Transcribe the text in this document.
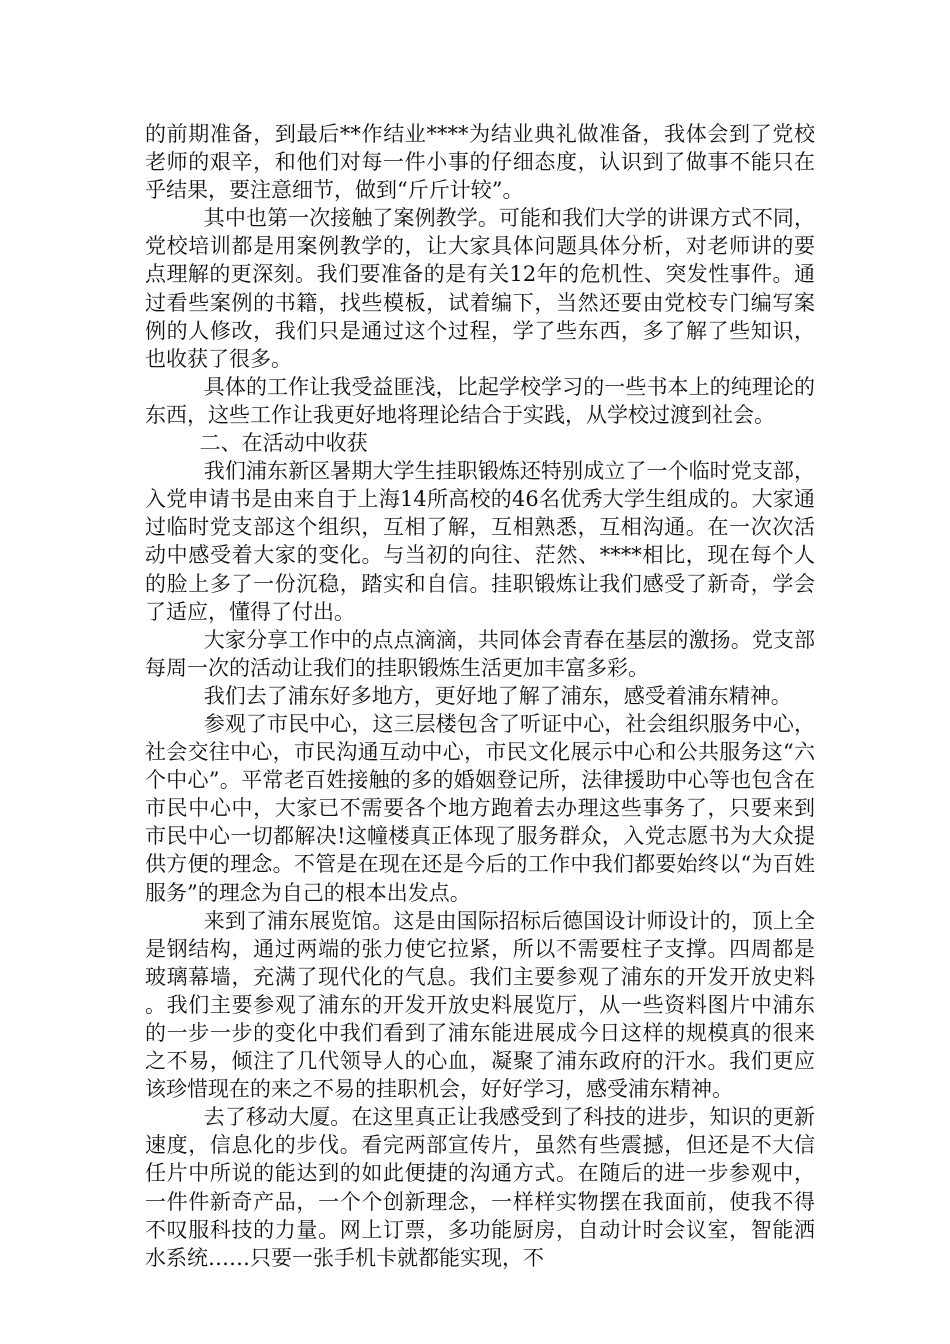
的前期准备，到最后**作结业****为结业典礼做准备，我体会到了党校老师的艰辛，和他们对每一件小事的仔细态度，认识到了做事不能只在乎结果，要注意细节，做到“斤斤计较”。

其中也第一次接触了案例教学。可能和我们大学的讲课方式不同，党校培训都是用案例教学的，让大家具体问题具体分析，对老师讲的要点理解的更深刻。我们要准备的是有关12年的危机性、突发性事件。通过看些案例的书籍，找些模板，试着编下，当然还要由党校专门编写案例的人修改，我们只是通过这个过程，学了些东西，多了解了些知识，也收获了很多。

具体的工作让我受益匪浅，比起学校学习的一些书本上的纯理论的东西，这些工作让我更好地将理论结合于实践，从学校过渡到社会。

二、在活动中收获

我们浦东新区暑期大学生挂职锻炼还特别成立了一个临时党支部，入党申请书是由来自于上海14所高校的46名优秀大学生组成的。大家通过临时党支部这个组织，互相了解，互相熟悉，互相沟通。在一次次活动中感受着大家的变化。与当初的向往、茫然、****相比，现在每个人的脸上多了一份沉稳，踏实和自信。挂职锻炼让我们感受了新奇，学会了适应，懂得了付出。

大家分享工作中的点点滴滴，共同体会青春在基层的激扬。党支部每周一次的活动让我们的挂职锻炼生活更加丰富多彩。

我们去了浦东好多地方，更好地了解了浦东，感受着浦东精神。

参观了市民中心，这三层楼包含了听证中心，社会组织服务中心，社会交往中心，市民沟通互动中心，市民文化展示中心和公共服务这“六个中心”。平常老百姓接触的多的婚姻登记所，法律援助中心等也包含在市民中心中，大家已不需要各个地方跑着去办理这些事务了，只要来到市民中心一切都解决!这幢楼真正体现了服务群众，入党志愿书为大众提供方便的理念。不管是在现在还是今后的工作中我们都要始终以“为百姓服务”的理念为自己的根本出发点。

来到了浦东展览馆。这是由国际招标后德国设计师设计的，顶上全是钢结构，通过两端的张力使它拉紧，所以不需要柱子支撑。四周都是玻璃幕墙，充满了现代化的气息。我们主要参观了浦东的开发开放史料。我们主要参观了浦东的开发开放史料展览厅，从一些资料图片中浦东的一步一步的变化中我们看到了浦东能进展成今日这样的规模真的很来之不易，倾注了几代领导人的心血，凝聚了浦东政府的汗水。我们更应该珍惜现在的来之不易的挂职机会，好好学习，感受浦东精神。

去了移动大厦。在这里真正让我感受到了科技的进步，知识的更新速度，信息化的步伐。看完两部宣传片，虽然有些震撼，但还是不大信任片中所说的能达到的如此便捷的沟通方式。在随后的进一步参观中，一件件新奇产品，一个个创新理念，一样样实物摆在我面前，使我不得不叹服科技的力量。网上订票，多功能厨房，自动计时会议室，智能洒水系统……只要一张手机卡就都能实现，不
